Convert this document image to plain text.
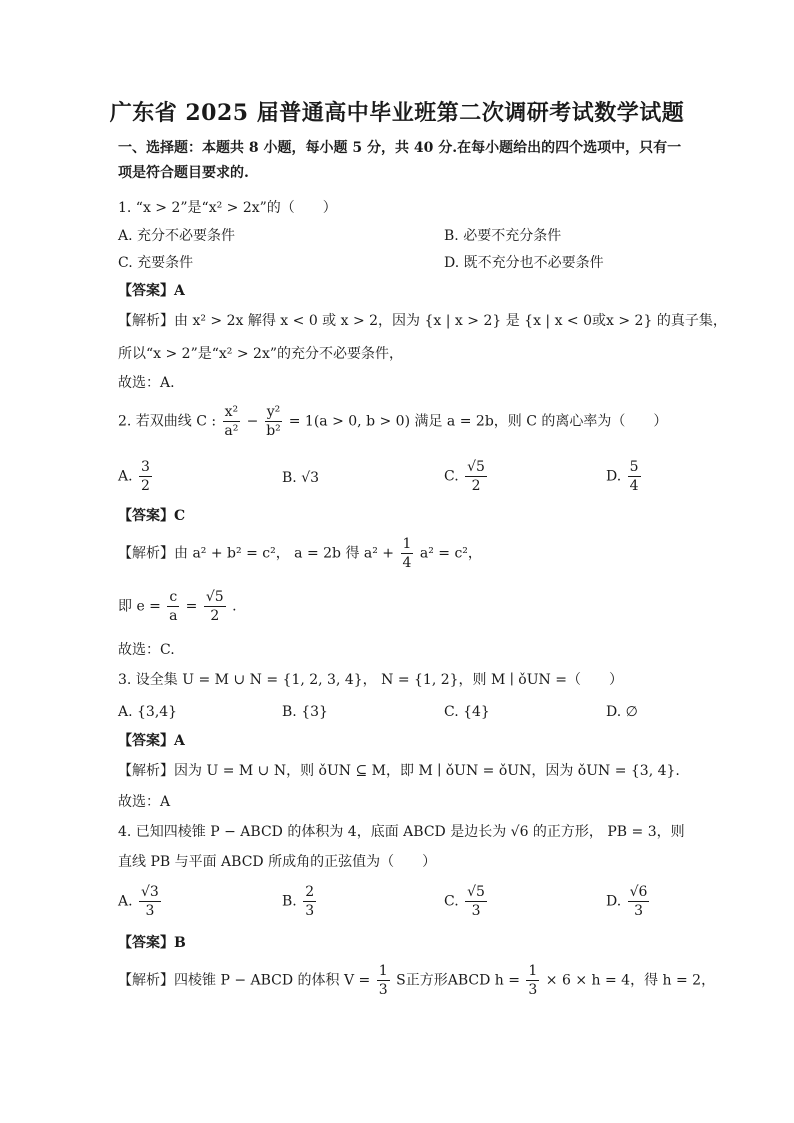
广东省 2025 届普通高中毕业班第二次调研考试数学试题
一、选择题：本题共 8 小题，每小题 5 分，共 40 分.在每小题给出的四个选项中，只有一
项是符合题目要求的.
1. “x > 2”是“x² > 2x”的（　　）
A. 充分不必要条件	B. 必要不充分条件
C. 充要条件	D. 既不充分也不必要条件
【答案】A
【解析】由 x² > 2x 解得 x < 0 或 x > 2，因为 {x | x > 2} 是 {x | x < 0或x > 2} 的真子集，
所以“x > 2”是“x² > 2x”的充分不必要条件，
故选：A.
2. 若双曲线 C : $\frac{\text{x²}}{\text{a²}} - \frac{\text{y²}}{\text{b²}} = 1(a > 0$, b > 0) 满足 a = 2b，则 C 的离心率为（　　）
A. $\frac{3}{2}$	B. √3	C. $\frac{√5}{2}$	D. $\frac{5}{4}$
【答案】C
【解析】由 a² + b² = c²， a = 2b 得 $a^2 + \frac{1}{4} a^2 = c^2$，
即 $e = \frac{c}{a} = \frac{√5}{2}$ .
故选：C.
3. 设全集 U = M ∪ N = {1, 2, 3, 4}， N = {1, 2}，则 M ∣ ǒUN =（　　）
A. {3,4}	B. {3}	C. {4}	D. ∅
【答案】A
【解析】因为 U = M ∪ N，则 ǒUN ⊆ M，即 M ∣ ǒUN = ǒUN，因为 ǒUN = {3, 4}.
故选：A
4. 已知四棱锥 P − ABCD 的体积为 4，底面 ABCD 是边长为 √6 的正方形， PB = 3，则
直线 PB 与平面 ABCD 所成角的正弦值为（　　）
A. $\frac{√3}{3}$	B. $\frac{2}{3}$	C. $\frac{√5}{3}$	D. $\frac{√6}{3}$
【答案】B
【解析】四棱锥 P − ABCD 的体积 $V = \frac{1}{3}$ S正方形ABCD $h = \frac{1}{3} \times 6 \times h = 4$，得 h = 2，
